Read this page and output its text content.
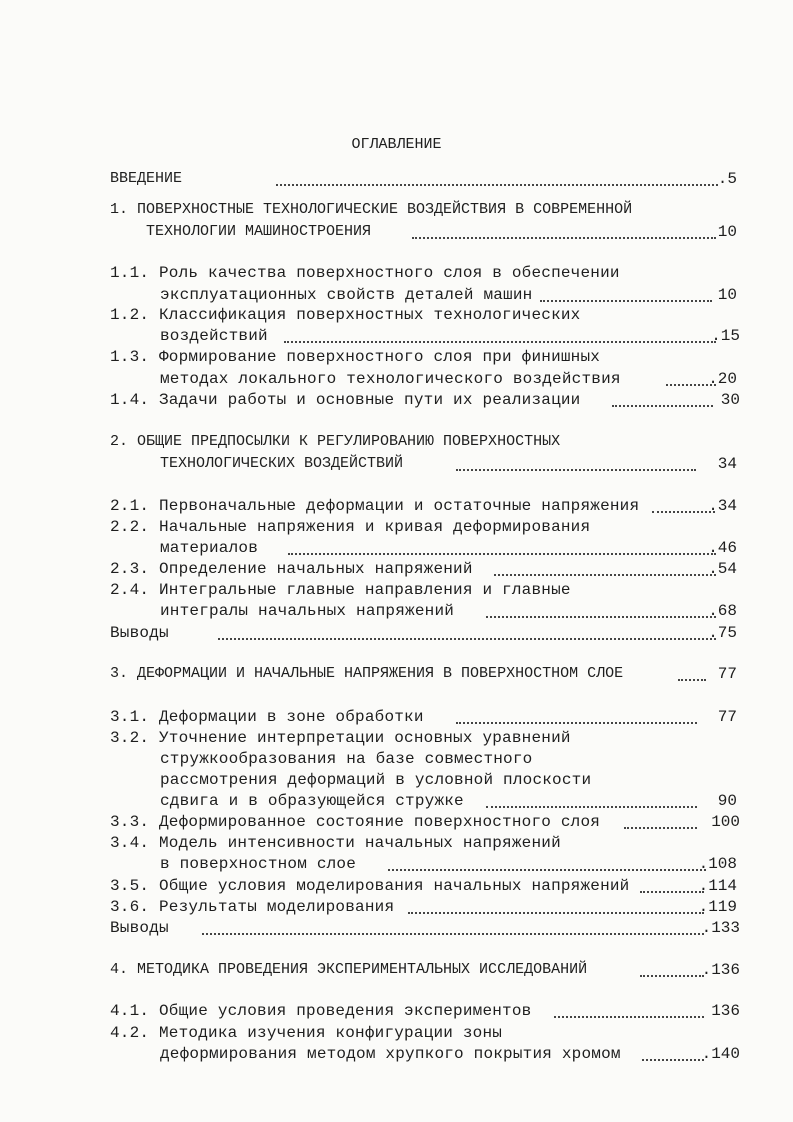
ОГЛАВЛЕНИЕ
ВВЕДЕНИЕ	.5
1. ПОВЕРХНОСТНЫЕ ТЕХНОЛОГИЧЕСКИЕ ВОЗДЕЙСТВИЯ В СОВРЕМЕННОЙ
ТЕХНОЛОГИИ МАШИНОСТРОЕНИЯ	10
1.1. Роль качества поверхностного слоя в обеспечении
эксплуатационных свойств деталей машин	10
1.2. Классификация поверхностных технологических
воздействий	.15
1.3. Формирование поверхностного слоя при финишных
методах локального технологического воздействия	.20
1.4. Задачи работы и основные пути их реализации	30
2. ОБЩИЕ ПРЕДПОСЫЛКИ К РЕГУЛИРОВАНИЮ ПОВЕРХНОСТНЫХ
ТЕХНОЛОГИЧЕСКИХ ВОЗДЕЙСТВИЙ	34
2.1. Первоначальные деформации и остаточные напряжения	.34
2.2. Начальные напряжения и кривая деформирования
материалов	.46
2.3. Определение начальных напряжений	.54
2.4. Интегральные главные направления и главные
интегралы начальных напряжений	.68
Выводы	.75
3. ДЕФОРМАЦИИ И НАЧАЛЬНЫЕ НАПРЯЖЕНИЯ В ПОВЕРХНОСТНОМ СЛОЕ	77
3.1. Деформации в зоне обработки	77
3.2. Уточнение интерпретации основных уравнений
стружкообразования на базе совместного
рассмотрения деформаций в условной плоскости
сдвига и в образующейся стружке	90
3.3. Деформированное состояние поверхностного слоя	100
3.4. Модель интенсивности начальных напряжений
в поверхностном слое	.108
3.5. Общие условия моделирования начальных напряжений	.114
3.6. Результаты моделирования	.119
Выводы	.133
4. МЕТОДИКА ПРОВЕДЕНИЯ ЭКСПЕРИМЕНТАЛЬНЫХ ИССЛЕДОВАНИЙ	.136
4.1. Общие условия проведения экспериментов	136
4.2. Методика изучения конфигурации зоны
деформирования методом хрупкого покрытия хромом	.140
